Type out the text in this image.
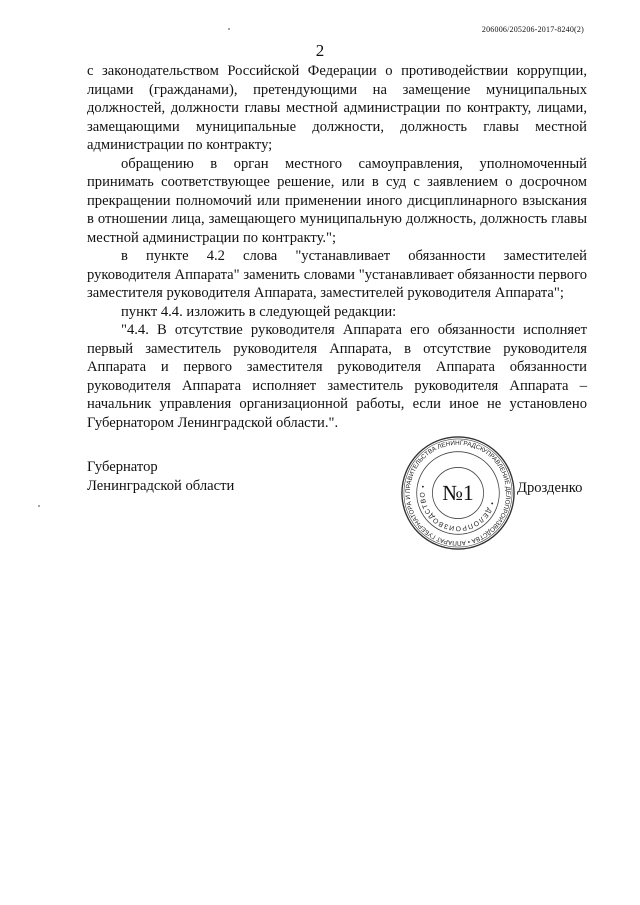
206006/205206-2017-8240(2)
2

с законодательством Российской Федерации о противодействии коррупции, лицами (гражданами), претендующими на замещение муниципальных должностей, должности главы местной администрации по контракту, лицами, замещающими муниципальные должности, должность главы местной администрации по контракту;

обращению в орган местного самоуправления, уполномоченный принимать соответствующее решение, или в суд с заявлением о досрочном прекращении полномочий или применении иного дисциплинарного взыскания в отношении лица, замещающего муниципальную должность, должность главы местной администрации по контракту.";

в пункте 4.2 слова "устанавливает обязанности заместителей руководителя Аппарата" заменить словами "устанавливает обязанности первого заместителя руководителя Аппарата, заместителей руководителя Аппарата";

пункт 4.4. изложить в следующей редакции:

"4.4. В отсутствие руководителя Аппарата его обязанности исполняет первый заместитель руководителя Аппарата, в отсутствие руководителя Аппарата и первого заместителя руководителя Аппарата обязанности руководителя Аппарата исполняет заместитель руководителя Аппарата – начальник управления организационной работы, если иное не установлено Губернатором Ленинградской области.".

Губернатор
Ленинградской области
УПРАВЛЕНИЕ ДЕЛОПРОИЗВОДСТВА • АППАРАТ ГУБЕРНАТОРА И ПРАВИТЕЛЬСТВА ЛЕНИНГРАДСКОЙ
• ДЕЛОПРОИЗВОДСТВО • №1	Дрозденко
